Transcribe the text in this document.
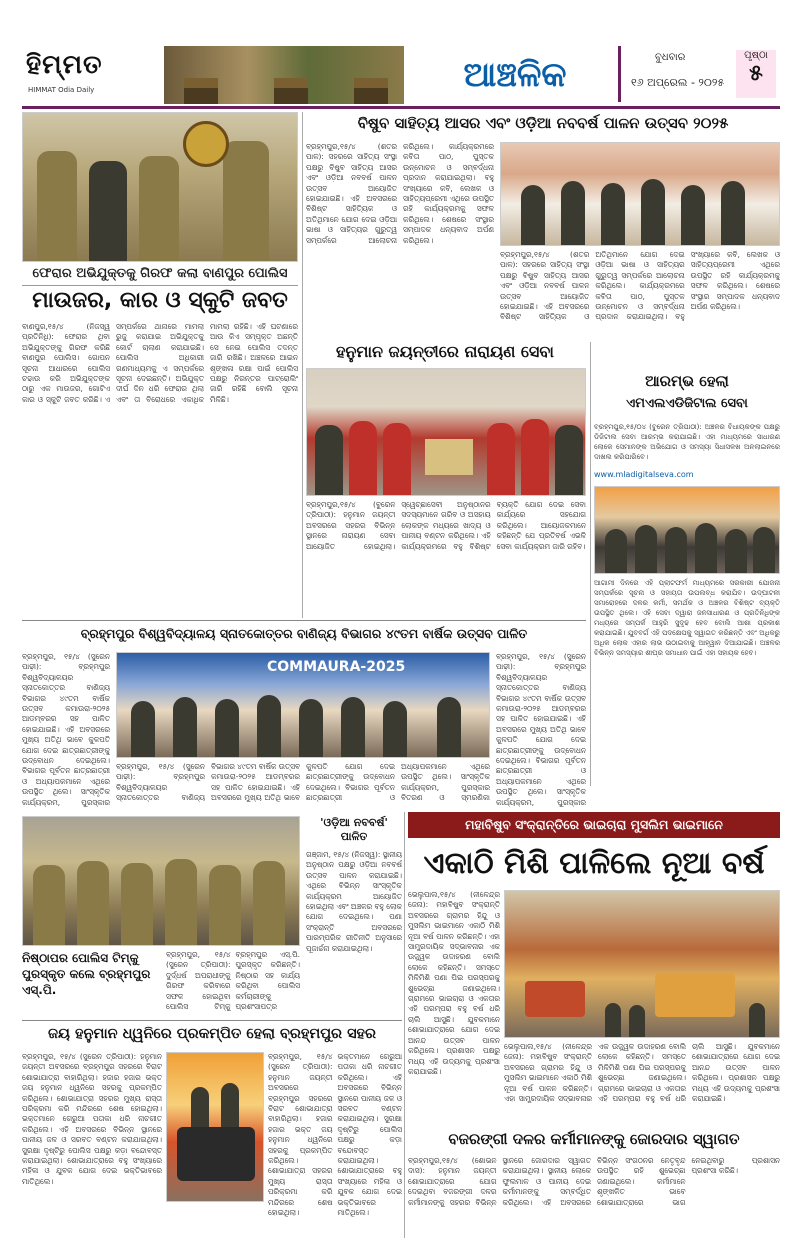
ହିମ୍ମତ
HIMMAT Odia Daily	ଆଞ୍ଚଳିକ	ବୁଧବାର
୧୬ ଅପ୍ରେଲ - ୨୦୨୫
ପୃଷ୍ଠା
୫
ଫେରାର ଅଭିଯୁକ୍ତକୁ ଗିରଫ କଲା ବାଣପୁର ପୋଲିସ
ମାଉଜର, କାର ଓ ସ୍କୁଟି ଜବତ
ବାଣପୁର,୧୫/୪ (ନିଜସ୍ୱ ପ୍ରତିନିଧି): ଫେରାର ଥିବା ଅଭିଯୁକ୍ତଙ୍କୁ ଗିରଫ କରିଛି ବାଣପୁର ପୋଲିସ। ଗୋପନ ସୂଚନା ଆଧାରରେ ପୋଲିସ ଚଢାଉ କରି ଅଭିଯୁକ୍ତଙ୍କ ଠାରୁ ଏକ ମାଉଜର, ଗୋଟିଏ କାର ଓ ସ୍କୁଟି ଜବତ କରିଛି। ଏ ସମ୍ପର୍କରେ ଥାନାରେ ମାମଲା ରୁଜୁ କରାଯାଇ ଅଭିଯୁକ୍ତକୁ କୋର୍ଟ ଚାଲାଣ କରାଯାଇଛି। ପୋଲିସ ଅଧିକାରୀ ଗଣମାଧ୍ୟମକୁ ଏ ସମ୍ପର୍କରେ ସୂଚନା ଦେଇଛନ୍ତି। ଅଭିଯୁକ୍ତ ଦୀର୍ଘ ଦିନ ଧରି ଫେରାର ଥିଲା ଏବଂ ତା ବିରୋଧରେ ଏକାଧିକ ମାମଲା ରହିଛି। ଏହି ଘଟଣାରେ ଆଉ କିଏ ସମ୍ପୃକ୍ତ ଅଛନ୍ତି ସେ ନେଇ ପୋଲିସ ତଦନ୍ତ ଜାରି ରଖିଛି। ଅଞ୍ଚଳରେ ଆଇନ ଶୃଙ୍ଖଳା ରକ୍ଷା ପାଇଁ ପୋଲିସ ପକ୍ଷରୁ ନିରନ୍ତର ପାଟ୍ରୋଲିଂ ଜାରି ରହିଛି ବୋଲି ସୂଚନା ମିଳିଛି।
ବିଷୁବ ସାହିତ୍ୟ ଆସର ଏବଂ ଓଡ଼ିଆ ନବବର୍ଷ ପାଳନ ଉତ୍ସବ ୨୦୨୫
ବ୍ରହ୍ମପୁର,୧୫/୪ (ଶତର ପାଳ): ସହରରେ ସାହିତ୍ୟ ସଂସ୍ଥା ପକ୍ଷରୁ ବିଷୁବ ସାହିତ୍ୟ ଆସର ଏବଂ ଓଡ଼ିଆ ନବବର୍ଷ ପାଳନ ଉତ୍ସବ ଆୟୋଜିତ ହୋଇଯାଇଛି। ଏହି ଅବସରରେ ବିଶିଷ୍ଟ ସାହିତ୍ୟିକ ଓ ଅତିଥିମାନେ ଯୋଗ ଦେଇ ଓଡ଼ିଆ ଭାଷା ଓ ସାହିତ୍ୟର ଗୁରୁତ୍ୱ ସମ୍ପର୍କରେ ଆଲୋଚନା କରିଥିଲେ। କାର୍ଯ୍ୟକ୍ରମରେ କବିତା ପାଠ, ପୁସ୍ତକ ଉନ୍ମୋଚନ ଓ ସମ୍ବର୍ଦ୍ଧନା ପ୍ରଦାନ କରାଯାଇଥିଲା। ବହୁ ସଂଖ୍ୟାରେ କବି, ଲେଖକ ଓ ସାହିତ୍ୟପ୍ରେମୀ ଏଥିରେ ଉପସ୍ଥିତ ରହି କାର୍ଯ୍ୟକ୍ରମକୁ ସଫଳ କରିଥିଲେ। ଶେଷରେ ସଂସ୍ଥାର ସମ୍ପାଦକ ଧନ୍ୟବାଦ ଅର୍ପଣ କରିଥିଲେ।
ବ୍ରହ୍ମପୁର,୧୫/୪ (ଶତର ପାଳ): ସହରରେ ସାହିତ୍ୟ ସଂସ୍ଥା ପକ୍ଷରୁ ବିଷୁବ ସାହିତ୍ୟ ଆସର ଏବଂ ଓଡ଼ିଆ ନବବର୍ଷ ପାଳନ ଉତ୍ସବ ଆୟୋଜିତ ହୋଇଯାଇଛି। ଏହି ଅବସରରେ ବିଶିଷ୍ଟ ସାହିତ୍ୟିକ ଓ ଅତିଥିମାନେ ଯୋଗ ଦେଇ ଓଡ଼ିଆ ଭାଷା ଓ ସାହିତ୍ୟର ଗୁରୁତ୍ୱ ସମ୍ପର୍କରେ ଆଲୋଚନା କରିଥିଲେ। କାର୍ଯ୍ୟକ୍ରମରେ କବିତା ପାଠ, ପୁସ୍ତକ ଉନ୍ମୋଚନ ଓ ସମ୍ବର୍ଦ୍ଧନା ପ୍ରଦାନ କରାଯାଇଥିଲା। ବହୁ ସଂଖ୍ୟାରେ କବି, ଲେଖକ ଓ ସାହିତ୍ୟପ୍ରେମୀ ଏଥିରେ ଉପସ୍ଥିତ ରହି କାର୍ଯ୍ୟକ୍ରମକୁ ସଫଳ କରିଥିଲେ। ଶେଷରେ ସଂସ୍ଥାର ସମ୍ପାଦକ ଧନ୍ୟବାଦ ଅର୍ପଣ କରିଥିଲେ।
ହନୁମାନ ଜୟନ୍ତୀରେ ନାରାୟଣ ସେବା
ବ୍ରହ୍ମପୁର,୧୫/୪ (ବୁରେନ ତ୍ରିପାଠୀ): ହନୁମାନ ଜୟନ୍ତୀ ଅବସରରେ ସହରର ବିଭିନ୍ନ ସ୍ଥାନରେ ନାରାୟଣ ସେବା ଆୟୋଜିତ ହୋଇଥିଲା। ସ୍ୱେଚ୍ଛାସେବୀ ଅନୁଷ୍ଠାନର ସଦସ୍ୟମାନେ ଗରିବ ଓ ଅସହାୟ ଲୋକଙ୍କ ମଧ୍ୟରେ ଖାଦ୍ୟ ଓ ପାନୀୟ ବଣ୍ଟନ କରିଥିଲେ। ଏହି କାର୍ଯ୍ୟକ୍ରମରେ ବହୁ ବିଶିଷ୍ଟ ବ୍ୟକ୍ତି ଯୋଗ ଦେଇ ସେବା କାର୍ଯ୍ୟରେ ସହଯୋଗ କରିଥିଲେ। ଆୟୋଜକମାନେ କହିଛନ୍ତି ଯେ ପ୍ରତିବର୍ଷ ଏଭଳି ସେବା କାର୍ଯ୍ୟକ୍ରମ ଜାରି ରହିବ।
ଆରମ୍ଭ ହେଲା
ଏମଏଲଏଡିଜିଟାଲ ସେବା
ବ୍ରହ୍ମପୁର,୧୫/୦୪ (ବୁରେନ ତ୍ରିପାଠୀ): ଅଞ୍ଚଳର ବିଧାୟକଙ୍କ ପକ୍ଷରୁ ଡିଜିଟାଲ ସେବା ଆରମ୍ଭ କରାଯାଇଛି। ଏହା ମାଧ୍ୟମରେ ସାଧାରଣ ଲୋକେ ସେମାନଙ୍କ ଅଭିଯୋଗ ଓ ସମସ୍ୟା ସିଧାସଳଖ ଅନଲାଇନରେ ଦାଖଲ କରିପାରିବେ।
www.mladigitalseva.com
ଆଗାମୀ ଦିନରେ ଏହି ପ୍ଲାଟଫର୍ମ ମାଧ୍ୟମରେ ସରକାରୀ ଯୋଜନା ସମ୍ପର୍କରେ ସୂଚନା ଓ ସହାୟତା ଉପଲବ୍ଧ କରାଯିବ। ଉଦ୍‌ଘାଟନୀ ସମାରୋହରେ ଦଳର କର୍ମୀ, ସମର୍ଥକ ଓ ଅଞ୍ଚଳର ବିଶିଷ୍ଟ ବ୍ୟକ୍ତି ଉପସ୍ଥିତ ଥିଲେ। ଏହି ସେବା ଦ୍ୱାରା ଜନସାଧାରଣ ଓ ପ୍ରତିନିଧିଙ୍କ ମଧ୍ୟରେ ସମ୍ପର୍କ ଆହୁରି ସୁଦୃଢ ହେବ ବୋଲି ଆଶା ପ୍ରକାଶ କରାଯାଇଛି। ଯୁବବର୍ଗ ଏହି ପଦକ୍ଷେପକୁ ସ୍ୱାଗତ କରିଛନ୍ତି ଏବଂ ଅଧିକରୁ ଅଧିକ ଲୋକ ଏହାର ଲାଭ ଉଠାଇବାକୁ ଆହ୍ୱାନ ଦିଆଯାଇଛି। ଅଞ୍ଚଳର ବିଭିନ୍ନ ସମସ୍ୟାର ଶୀଘ୍ର ସମାଧାନ ପାଇଁ ଏହା ସହାୟକ ହେବ।
ବ୍ରହ୍ମପୁର ବିଶ୍ୱବିଦ୍ୟାଳୟ ସ୍ନାତକୋତ୍ତର ବାଣିଜ୍ୟ ବିଭାଗର ୪୯ତମ ବାର୍ଷିକ ଉତ୍ସବ ପାଳିତ
ବ୍ରହ୍ମପୁର, ୧୫/୪ (ସୁରେନ ପାଢ଼ୀ): ବ୍ରହ୍ମପୁର ବିଶ୍ୱବିଦ୍ୟାଳୟର ସ୍ନାତକୋତ୍ତର ବାଣିଜ୍ୟ ବିଭାଗର ୪୯ତମ ବାର୍ଷିକ ଉତ୍ସବ କମାଉରା-୨୦୨୫ ଆଡମ୍ବରର ସହ ପାଳିତ ହୋଇଯାଇଛି। ଏହି ଅବସରରେ ମୁଖ୍ୟ ଅତିଥି ଭାବେ କୁଳପତି ଯୋଗ ଦେଇ ଛାତ୍ରଛାତ୍ରୀଙ୍କୁ ଉଦ୍‌ବୋଧନ ଦେଇଥିଲେ। ବିଭାଗର ପୂର୍ବତନ ଛାତ୍ରଛାତ୍ରୀ ଓ ଅଧ୍ୟାପକମାନେ ଏଥିରେ ଉପସ୍ଥିତ ଥିଲେ। ସାଂସ୍କୃତିକ କାର୍ଯ୍ୟକ୍ରମ, ପୁରସ୍କାର
COMMAURA-2025
ବ୍ରହ୍ମପୁର, ୧୫/୪ (ସୁରେନ ପାଢ଼ୀ): ବ୍ରହ୍ମପୁର ବିଶ୍ୱବିଦ୍ୟାଳୟର ସ୍ନାତକୋତ୍ତର ବାଣିଜ୍ୟ ବିଭାଗର ୪୯ତମ ବାର୍ଷିକ ଉତ୍ସବ କମାଉରା-୨୦୨୫ ଆଡମ୍ବରର ସହ ପାଳିତ ହୋଇଯାଇଛି। ଏହି ଅବସରରେ ମୁଖ୍ୟ ଅତିଥି ଭାବେ କୁଳପତି ଯୋଗ ଦେଇ ଛାତ୍ରଛାତ୍ରୀଙ୍କୁ ଉଦ୍‌ବୋଧନ ଦେଇଥିଲେ। ବିଭାଗର ପୂର୍ବତନ ଛାତ୍ରଛାତ୍ରୀ ଓ ଅଧ୍ୟାପକମାନେ ଏଥିରେ ଉପସ୍ଥିତ ଥିଲେ। ସାଂସ୍କୃତିକ କାର୍ଯ୍ୟକ୍ରମ, ପୁରସ୍କାର ବିତରଣ ଓ ସ୍ମରଣିକା
ବ୍ରହ୍ମପୁର, ୧୫/୪ (ସୁରେନ ପାଢ଼ୀ): ବ୍ରହ୍ମପୁର ବିଶ୍ୱବିଦ୍ୟାଳୟର ସ୍ନାତକୋତ୍ତର ବାଣିଜ୍ୟ ବିଭାଗର ୪୯ତମ ବାର୍ଷିକ ଉତ୍ସବ କମାଉରା-୨୦୨୫ ଆଡମ୍ବରର ସହ ପାଳିତ ହୋଇଯାଇଛି। ଏହି ଅବସରରେ ମୁଖ୍ୟ ଅତିଥି ଭାବେ କୁଳପତି ଯୋଗ ଦେଇ ଛାତ୍ରଛାତ୍ରୀଙ୍କୁ ଉଦ୍‌ବୋଧନ ଦେଇଥିଲେ। ବିଭାଗର ପୂର୍ବତନ ଛାତ୍ରଛାତ୍ରୀ ଓ ଅଧ୍ୟାପକମାନେ ଏଥିରେ ଉପସ୍ଥିତ ଥିଲେ। ସାଂସ୍କୃତିକ କାର୍ଯ୍ୟକ୍ରମ, ପୁରସ୍କାର
ନିଷ୍ଠାପର ପୋଲିସ ଟିମ୍‌କୁ ପୁରସ୍କୃତ କଲେ ବ୍ରହ୍ମପୁର ଏସ୍.ପି.
ବ୍ରହ୍ମପୁର, ୧୫/୪ (ସୁରେନ ତ୍ରିପାଠୀ): ଦୁର୍ଦ୍ଧର୍ଷ ଅପରାଧୀଙ୍କୁ ଗିରଫ କରିବାରେ ସଫଳ ହୋଇଥିବା ପୋଲିସ ଟିମ୍‌କୁ ବ୍ରହ୍ମପୁର ଏସ୍.ପି. ପୁରସ୍କୃତ କରିଛନ୍ତି। ନିଷ୍ଠାର ସହ କାର୍ଯ୍ୟ କରିଥିବା ପୋଲିସ କର୍ମଚାରୀଙ୍କୁ ପ୍ରଶଂସାପତ୍ର
'ଓଡ଼ିଆ ନବବର୍ଷ' ପାଳିତ
ଗଞ୍ଜାମ, ୧୫/୪ (ନିଜସ୍ୱ): ସ୍ଥାନୀୟ ଅନୁଷ୍ଠାନ ପକ୍ଷରୁ ଓଡ଼ିଆ ନବବର୍ଷ ଉତ୍ସବ ପାଳନ କରାଯାଇଛି। ଏଥିରେ ବିଭିନ୍ନ ସାଂସ୍କୃତିକ କାର୍ଯ୍ୟକ୍ରମ ଆୟୋଜିତ ହୋଇଥିଲା ଏବଂ ଅଞ୍ଚଳର ବହୁ ଲୋକ ଯୋଗ ଦେଇଥିଲେ। ପଣା ସଂକ୍ରାନ୍ତି ଅବସରରେ ପାରମ୍ପରିକ ରୀତିନୀତି ଅନୁସାରେ ପୂଜାର୍ଚ୍ଚନା କରାଯାଇଥିଲା।
ମହାବିଷୁବ ସଂକ୍ରାନ୍ତିରେ ଭାଇଚାରା ମୁସଲିମ ଭାଇମାନେ
ଏକାଠି ମିଶି ପାଳିଲେ ନୂଆ ବର୍ଷ
ଭେଲୁପାଲ,୧୫/୪ (ନୀଳେନ୍ଦ୍ର ଜେନା): ମହାବିଷୁବ ସଂକ୍ରାନ୍ତି ଅବସରରେ ଗ୍ରାମର ହିନ୍ଦୁ ଓ ମୁସଲିମ ଭାଇମାନେ ଏକାଠି ମିଶି ନୂଆ ବର୍ଷ ପାଳନ କରିଛନ୍ତି। ଏହା ସାମ୍ପ୍ରଦାୟିକ ସଦ୍‌ଭାବନାର ଏକ ଉଜ୍ଜ୍ୱଳ ଉଦାହରଣ ବୋଲି ଲୋକେ କହିଛନ୍ତି। ସମସ୍ତେ ମିଳିମିଶି ପଣା ପିଇ ପରସ୍ପରକୁ ଶୁଭେଚ୍ଛା ଜଣାଇଥିଲେ। ଗ୍ରାମରେ ଭାଇଚାରା ଓ ଏକତାର ଏହି ପରମ୍ପରା ବହୁ ବର୍ଷ ଧରି ଚାଲି ଆସୁଛି। ଯୁବକମାନେ ଶୋଭାଯାତ୍ରାରେ ଯୋଗ ଦେଇ ଆନନ୍ଦ ଉତ୍ସବ ପାଳନ କରିଥିଲେ। ପ୍ରଶାସନ ପକ୍ଷରୁ ମଧ୍ୟ ଏହି ଉଦ୍ୟମକୁ ପ୍ରଶଂସା କରାଯାଇଛି।
ଭେଲୁପାଲ,୧୫/୪ (ନୀଳେନ୍ଦ୍ର ଜେନା): ମହାବିଷୁବ ସଂକ୍ରାନ୍ତି ଅବସରରେ ଗ୍ରାମର ହିନ୍ଦୁ ଓ ମୁସଲିମ ଭାଇମାନେ ଏକାଠି ମିଶି ନୂଆ ବର୍ଷ ପାଳନ କରିଛନ୍ତି। ଏହା ସାମ୍ପ୍ରଦାୟିକ ସଦ୍‌ଭାବନାର ଏକ ଉଜ୍ଜ୍ୱଳ ଉଦାହରଣ ବୋଲି ଲୋକେ କହିଛନ୍ତି। ସମସ୍ତେ ମିଳିମିଶି ପଣା ପିଇ ପରସ୍ପରକୁ ଶୁଭେଚ୍ଛା ଜଣାଇଥିଲେ। ଗ୍ରାମରେ ଭାଇଚାରା ଓ ଏକତାର ଏହି ପରମ୍ପରା ବହୁ ବର୍ଷ ଧରି ଚାଲି ଆସୁଛି। ଯୁବକମାନେ ଶୋଭାଯାତ୍ରାରେ ଯୋଗ ଦେଇ ଆନନ୍ଦ ଉତ୍ସବ ପାଳନ କରିଥିଲେ। ପ୍ରଶାସନ ପକ୍ଷରୁ ମଧ୍ୟ ଏହି ଉଦ୍ୟମକୁ ପ୍ରଶଂସା କରାଯାଇଛି।
ଜୟ ହନୁମାନ ଧ୍ୱନିରେ ପ୍ରକମ୍ପିତ ହେଲା ବ୍ରହ୍ମପୁର ସହର
ବ୍ରହ୍ମପୁର, ୧୫/୪ (ସୁରେନ ତ୍ରିପାଠୀ): ହନୁମାନ ଜୟନ୍ତୀ ଅବସରରେ ବ୍ରହ୍ମପୁର ସହରରେ ବିରାଟ ଶୋଭାଯାତ୍ରା ବାହାରିଥିଲା। ହଜାର ହଜାର ଭକ୍ତ ଜୟ ହନୁମାନ ଧ୍ୱନିରେ ସହରକୁ ପ୍ରକମ୍ପିତ କରିଥିଲେ। ଶୋଭାଯାତ୍ରା ସହରର ମୁଖ୍ୟ ରାସ୍ତା ପରିକ୍ରମା କରି ମନ୍ଦିରରେ ଶେଷ ହୋଇଥିଲା। ଭକ୍ତମାନେ ଗେରୁଆ ପତାକା ଧରି ନାଚଗୀତ କରିଥିଲେ। ଏହି ଅବସରରେ ବିଭିନ୍ନ ସ୍ଥାନରେ ପାନୀୟ ଜଳ ଓ ସରବତ ବଣ୍ଟନ କରାଯାଇଥିଲା। ସୁରକ୍ଷା ଦୃଷ୍ଟିରୁ ପୋଲିସ ପକ୍ଷରୁ କଡ଼ା ବନ୍ଦୋବସ୍ତ କରାଯାଇଥିଲା। ଶୋଭାଯାତ୍ରାରେ ବହୁ ସଂଖ୍ୟାରେ ମହିଳା ଓ ଯୁବକ ଯୋଗ ଦେଇ ଭକ୍ତିଭାବରେ ମାତିଥିଲେ।
ବ୍ରହ୍ମପୁର, ୧୫/୪ (ସୁରେନ ତ୍ରିପାଠୀ): ହନୁମାନ ଜୟନ୍ତୀ ଅବସରରେ ବ୍ରହ୍ମପୁର ସହରରେ ବିରାଟ ଶୋଭାଯାତ୍ରା ବାହାରିଥିଲା। ହଜାର ହଜାର ଭକ୍ତ ଜୟ ହନୁମାନ ଧ୍ୱନିରେ ସହରକୁ ପ୍ରକମ୍ପିତ କରିଥିଲେ। ଶୋଭାଯାତ୍ରା ସହରର ମୁଖ୍ୟ ରାସ୍ତା ପରିକ୍ରମା କରି ମନ୍ଦିରରେ ଶେଷ ହୋଇଥିଲା। ଭକ୍ତମାନେ ଗେରୁଆ ପତାକା ଧରି ନାଚଗୀତ କରିଥିଲେ। ଏହି ଅବସରରେ ବିଭିନ୍ନ ସ୍ଥାନରେ ପାନୀୟ ଜଳ ଓ ସରବତ ବଣ୍ଟନ କରାଯାଇଥିଲା। ସୁରକ୍ଷା ଦୃଷ୍ଟିରୁ ପୋଲିସ ପକ୍ଷରୁ କଡ଼ା ବନ୍ଦୋବସ୍ତ କରାଯାଇଥିଲା। ଶୋଭାଯାତ୍ରାରେ ବହୁ ସଂଖ୍ୟାରେ ମହିଳା ଓ ଯୁବକ ଯୋଗ ଦେଇ ଭକ୍ତିଭାବରେ ମାତିଥିଲେ।
ବଜରଙ୍ଗୀ ଦଳର କର୍ମୀମାନଙ୍କୁ ଜୋରଦାର ସ୍ୱାଗତ
ବ୍ରହ୍ମପୁର,୧୫/୪ (ଶୋଭନ ଦାସ): ହନୁମାନ ଜୟନ୍ତୀ ଶୋଭାଯାତ୍ରାରେ ଯୋଗ ଦେଇଥିବା ବଜରଙ୍ଗୀ ଦଳର କର୍ମୀମାନଙ୍କୁ ସହରର ବିଭିନ୍ନ ସ୍ଥାନରେ ଜୋରଦାର ସ୍ୱାଗତ କରାଯାଇଥିଲା। ସ୍ଥାନୀୟ ଲୋକେ ଫୁଲମାଳ ଓ ପାନୀୟ ଦେଇ କର୍ମୀମାନଙ୍କୁ ସମ୍ବର୍ଦ୍ଧିତ କରିଥିଲେ। ଏହି ଅବସରରେ ବିଭିନ୍ନ ସଂଗଠନର ନେତୃବୃନ୍ଦ ଉପସ୍ଥିତ ରହି ଶୁଭେଚ୍ଛା ଜଣାଇଥିଲେ। କର୍ମୀମାନେ ଶୃଙ୍ଖଳିତ ଭାବେ ଶୋଭାଯାତ୍ରାରେ ଭାଗ ନେଇଥିବାରୁ ପ୍ରଶାସନ ପ୍ରଶଂସା କରିଛି।
